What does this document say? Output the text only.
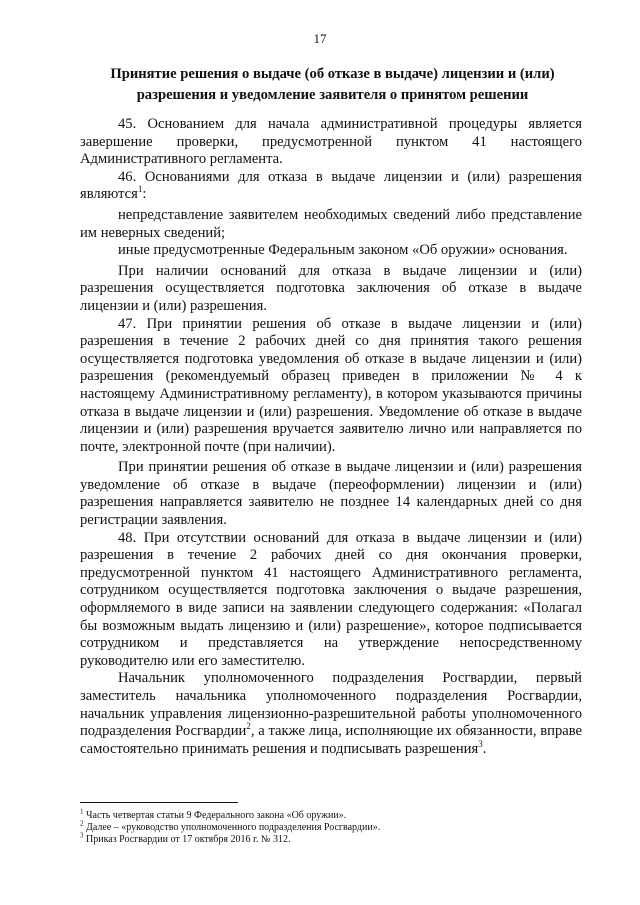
17
Принятие решения о выдаче (об отказе в выдаче) лицензии и (или) разрешения и уведомление заявителя о принятом решении

45. Основанием для начала административной процедуры является завершение проверки, предусмотренной пунктом 41 настоящего Административного регламента.

46. Основаниями для отказа в выдаче лицензии и (или) разрешения являются$^1$:

непредставление заявителем необходимых сведений либо представление им неверных сведений;

иные предусмотренные Федеральным законом «Об оружии» основания.

При наличии оснований для отказа в выдаче лицензии и (или) разрешения осуществляется подготовка заключения об отказе в выдаче лицензии и (или) разрешения.

47. При принятии решения об отказе в выдаче лицензии и (или) разрешения в течение 2 рабочих дней со дня принятия такого решения осуществляется подготовка уведомления об отказе в выдаче лицензии и (или) разрешения (рекомендуемый образец приведен в приложении № 4 к настоящему Административному регламенту), в котором указываются причины отказа в выдаче лицензии и (или) разрешения. Уведомление об отказе в выдаче лицензии и (или) разрешения вручается заявителю лично или направляется по почте, электронной почте (при наличии).

При принятии решения об отказе в выдаче лицензии и (или) разрешения уведомление об отказе в выдаче (переоформлении) лицензии и (или) разрешения направляется заявителю не позднее 14 календарных дней со дня регистрации заявления.

48. При отсутствии оснований для отказа в выдаче лицензии и (или) разрешения в течение 2 рабочих дней со дня окончания проверки, предусмотренной пунктом 41 настоящего Административного регламента, сотрудником осуществляется подготовка заключения о выдаче разрешения, оформляемого в виде записи на заявлении следующего содержания: «Полагал бы возможным выдать лицензию и (или) разрешение», которое подписывается сотрудником и представляется на утверждение непосредственному руководителю или его заместителю.

Начальник уполномоченного подразделения Росгвардии, первый заместитель начальника уполномоченного подразделения Росгвардии, начальник управления лицензионно-разрешительной работы уполномоченного подразделения Росгвардии$^2$, а также лица, исполняющие их обязанности, вправе самостоятельно принимать решения и подписывать разрешения$^3$.

$^1$ Часть четвертая статьи 9 Федерального закона «Об оружии».
$^2$ Далее – «руководство уполномоченного подразделения Росгвардии».
$^3$ Приказ Росгвардии от 17 октября 2016 г. № 312.
